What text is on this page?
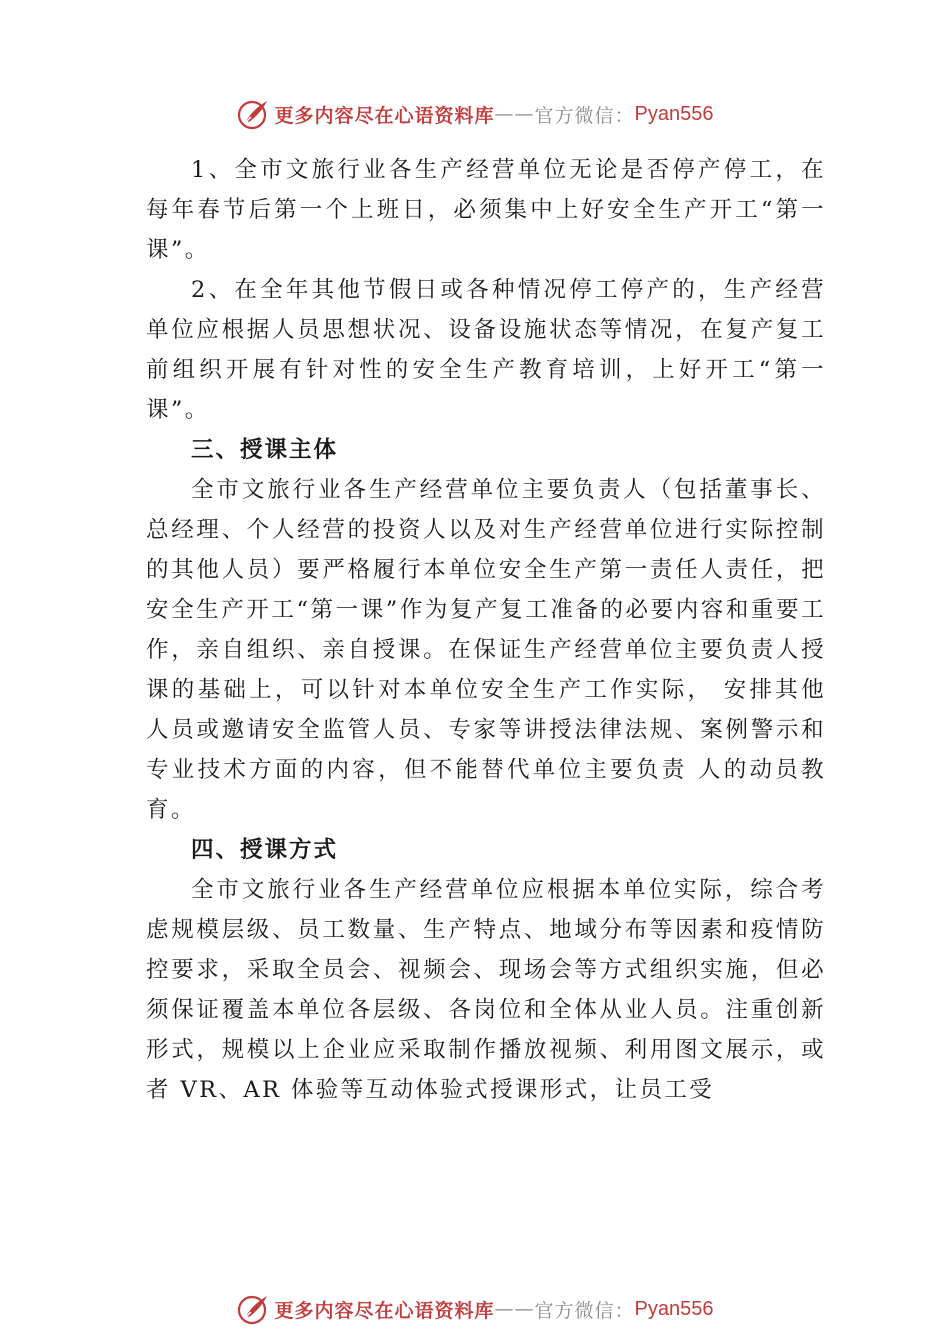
更多内容尽在心语资料库 —— 官方微信： Pyan556

1、全市文旅行业各生产经营单位无论是否停产停工，在每年春节后第一个上班日，必须集中上好安全生产开工“第一课”。

2、在全年其他节假日或各种情况停工停产的，生产经营单位应根据人员思想状况、设备设施状态等情况，在复产复工前组织开展有针对性的安全生产教育培训，上好开工“第一课”。

三、授课主体

全市文旅行业各生产经营单位主要负责人（包括董事长、总经理、个人经营的投资人以及对生产经营单位进行实际控制的其他人员）要严格履行本单位安全生产第一责任人责任，把安全生产开工“第一课”作为复产复工准备的必要内容和重要工作，亲自组织、亲自授课。在保证生产经营单位主要负责人授课的基础上，可以针对本单位安全生产工作实际， 安排其他人员或邀请安全监管人员、专家等讲授法律法规、案例警示和专业技术方面的内容，但不能替代单位主要负责 人的动员教育。

四、授课方式

全市文旅行业各生产经营单位应根据本单位实际，综合考虑规模层级、员工数量、生产特点、地域分布等因素和疫情防控要求，采取全员会、视频会、现场会等方式组织实施，但必须保证覆盖本单位各层级、各岗位和全体从业人员。注重创新形式，规模以上企业应采取制作播放视频、利用图文展示，或者 VR、AR 体验等互动体验式授课形式，让员工受

更多内容尽在心语资料库 —— 官方微信： Pyan556
